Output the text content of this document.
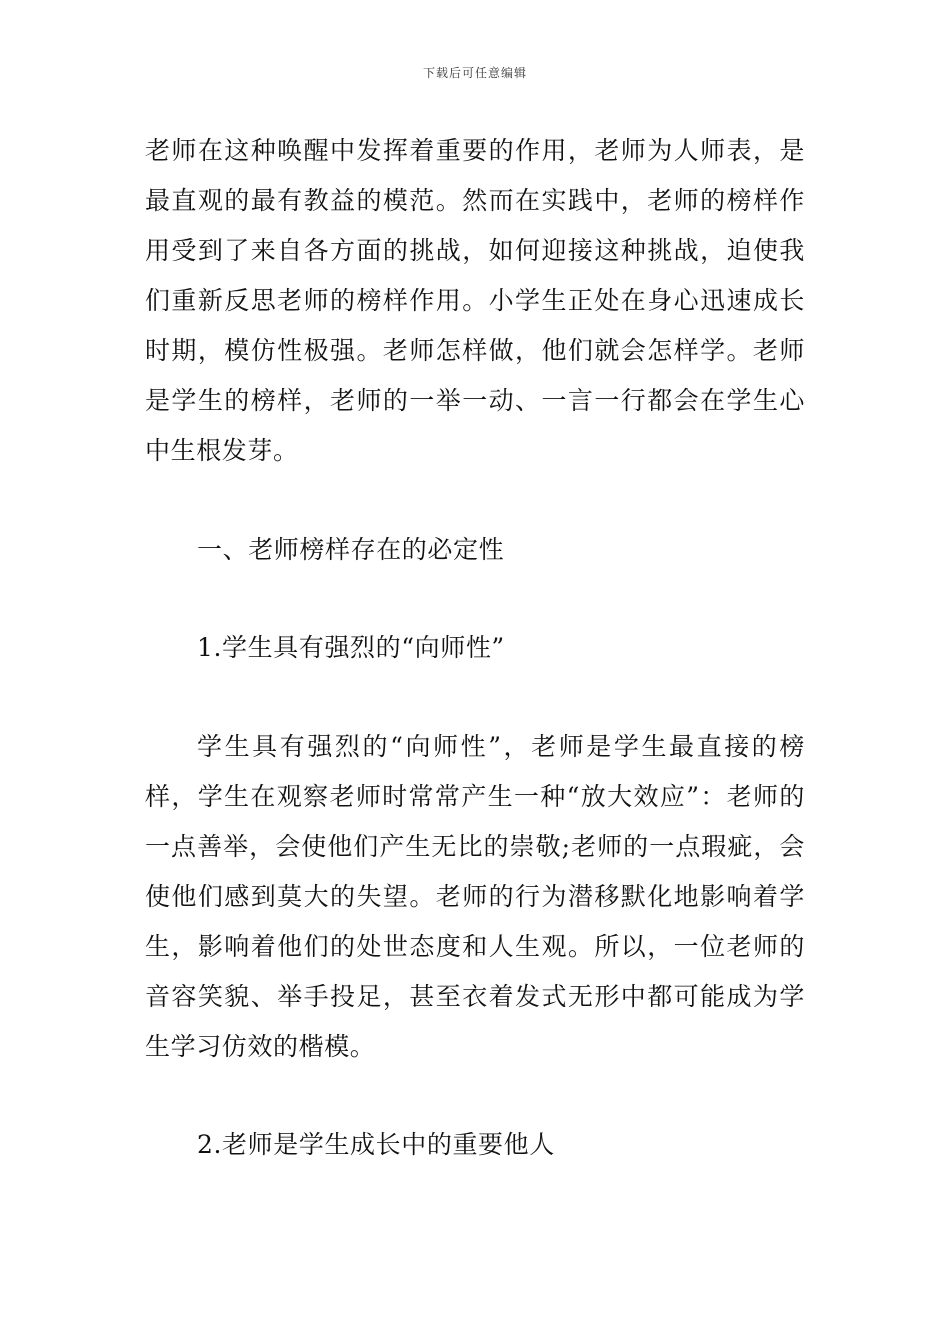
下载后可任意编辑

老师在这种唤醒中发挥着重要的作用，老师为人师表，是最直观的最有教益的模范。然而在实践中，老师的榜样作用受到了来自各方面的挑战，如何迎接这种挑战，迫使我们重新反思老师的榜样作用。小学生正处在身心迅速成长时期，模仿性极强。老师怎样做，他们就会怎样学。老师是学生的榜样，老师的一举一动、一言一行都会在学生心中生根发芽。

一、老师榜样存在的必定性

1.学生具有强烈的“向师性”

学生具有强烈的“向师性”，老师是学生最直接的榜样，学生在观察老师时常常产生一种“放大效应”：老师的一点善举，会使他们产生无比的崇敬;老师的一点瑕疵，会使他们感到莫大的失望。老师的行为潜移默化地影响着学生，影响着他们的处世态度和人生观。所以，一位老师的音容笑貌、举手投足，甚至衣着发式无形中都可能成为学生学习仿效的楷模。

2.老师是学生成长中的重要他人
